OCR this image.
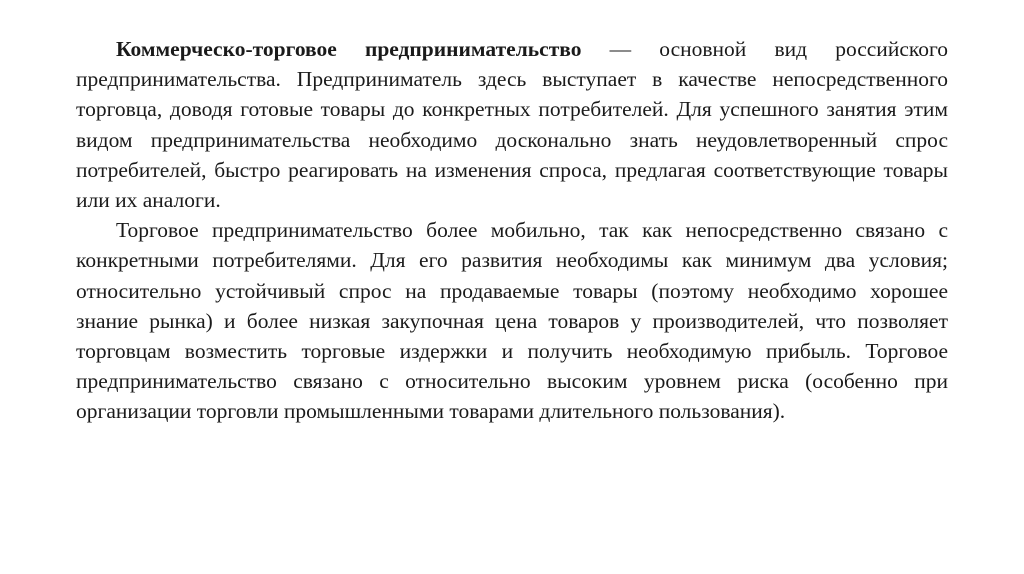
Коммерческо-торговое предпринимательство — основной вид российского предпринимательства. Предприниматель здесь выступает в качестве непосредственного торговца, доводя готовые товары до конкретных потребителей. Для успешного занятия этим видом предпринимательства необходимо досконально знать неудовлетворенный спрос потребителей, быстро реагировать на изменения спроса, предлагая соответствующие товары или их аналоги.

Торговое предпринимательство более мобильно, так как непосредственно связано с конкретными потребителями. Для его развития необходимы как минимум два условия; относительно устойчивый спрос на продаваемые товары (поэтому необходимо хорошее знание рынка) и более низкая закупочная цена товаров у производителей, что позволяет торговцам возместить торговые издержки и получить необходимую прибыль. Торговое предпринимательство связано с относительно высоким уровнем риска (особенно при организации торговли промышленными товарами длительного пользования).
